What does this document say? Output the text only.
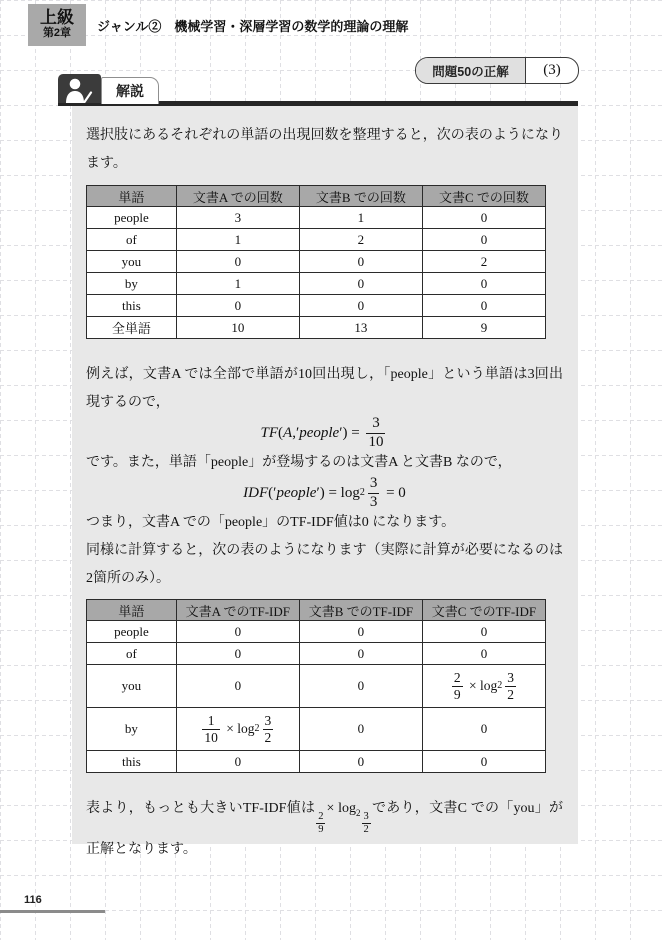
上級
第2章 ジャンル②　機械学習・深層学習の数学的理論の理解
問題50の正解	(3)
解説

選択肢にあるそれぞれの単語の出現回数を整理すると，次の表のようになります。

単語	文書A での回数	文書B での回数	文書C での回数
people	3	1	0
of	1	2	0
you	0	0	2
by	1	0	0
this	0	0	0
全単語	10	13	9

例えば，文書A では全部で単語が10回出現し，「people」という単語は3回出現するので，

TF ( A ,′ people ′) = $\frac{3}{10}$

です。また，単語「people」が登場するのは文書A と文書B なので，

IDF (′ people ′) = $\log 2 \frac{3}{3} = 0$

つまり，文書A での「people」のTF-IDF値は0 になります。

同様に計算すると，次の表のようになります（実際に計算が必要になるのは2箇所のみ）。

単語	文書A でのTF-IDF	文書B でのTF-IDF	文書C でのTF-IDF
people	0	0	0
of	0	0	0
you	0	0	$\frac{2}{9} \times \log 2 \frac{3}{2}$

by	$\frac{1}{10} \times \log 2 \frac{3}{2}$	0	0
this	0	0	0

表より，もっとも大きいTF-IDF値は
$\frac{2}{9}$
× $\log_2 \frac{3}{2}$
であり，文書C での「you」が正解となります。

116
